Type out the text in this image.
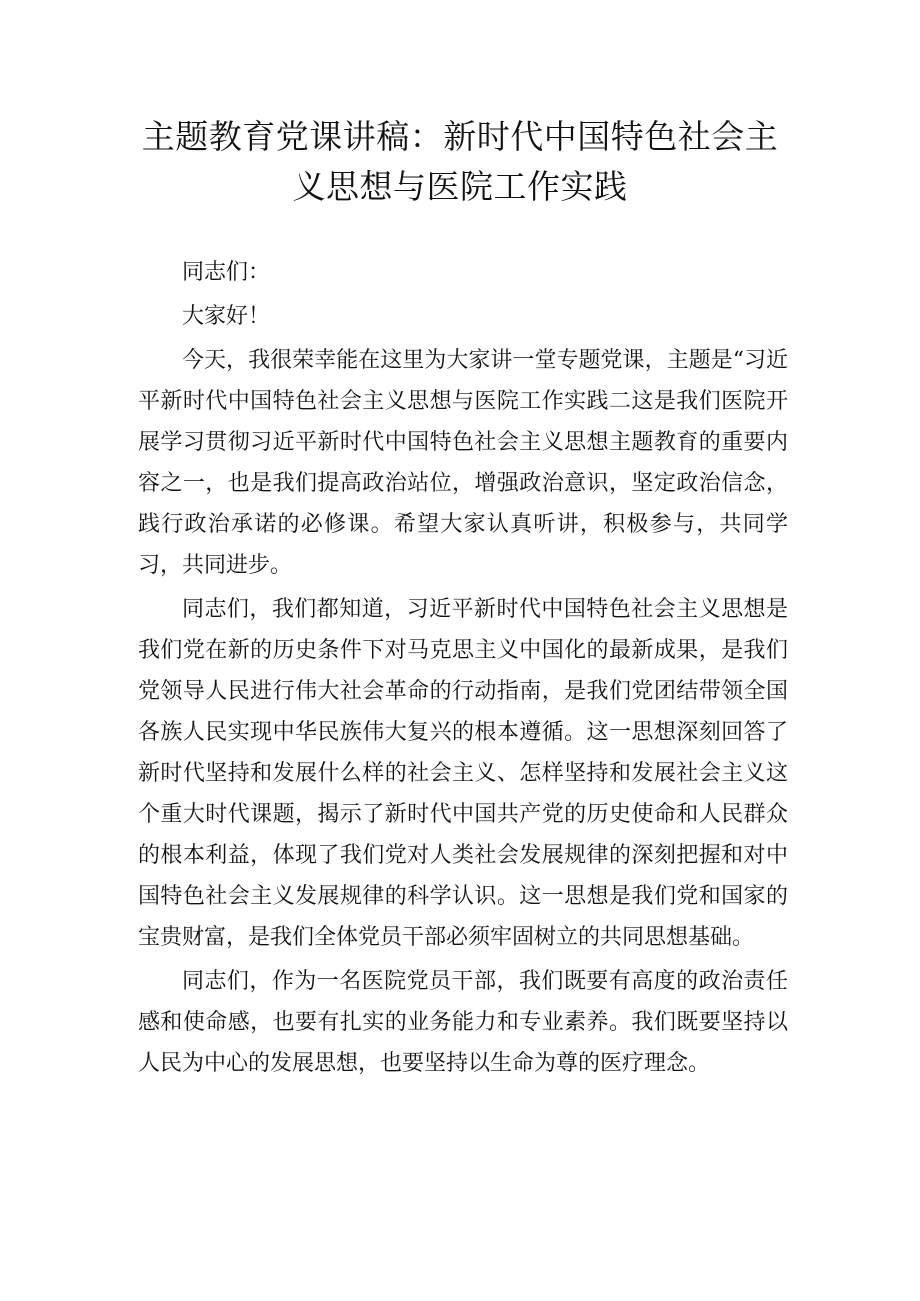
主题教育党课讲稿：新时代中国特色社会主
义思想与医院工作实践

同志们：

大家好！

今天，我很荣幸能在这里为大家讲一堂专题党课，主题是“习近平新时代中国特色社会主义思想与医院工作实践二这是我们医院开展学习贯彻习近平新时代中国特色社会主义思想主题教育的重要内容之一，也是我们提高政治站位，增强政治意识，坚定政治信念，践行政治承诺的必修课。希望大家认真听讲，积极参与，共同学习，共同进步。

同志们，我们都知道，习近平新时代中国特色社会主义思想是我们党在新的历史条件下对马克思主义中国化的最新成果，是我们党领导人民进行伟大社会革命的行动指南，是我们党团结带领全国各族人民实现中华民族伟大复兴的根本遵循。这一思想深刻回答了新时代坚持和发展什么样的社会主义、怎样坚持和发展社会主义这个重大时代课题，揭示了新时代中国共产党的历史使命和人民群众的根本利益，体现了我们党对人类社会发展规律的深刻把握和对中国特色社会主义发展规律的科学认识。这一思想是我们党和国家的宝贵财富，是我们全体党员干部必须牢固树立的共同思想基础。

同志们，作为一名医院党员干部，我们既要有高度的政治责任感和使命感，也要有扎实的业务能力和专业素养。我们既要坚持以人民为中心的发展思想，也要坚持以生命为尊的医疗理念。
